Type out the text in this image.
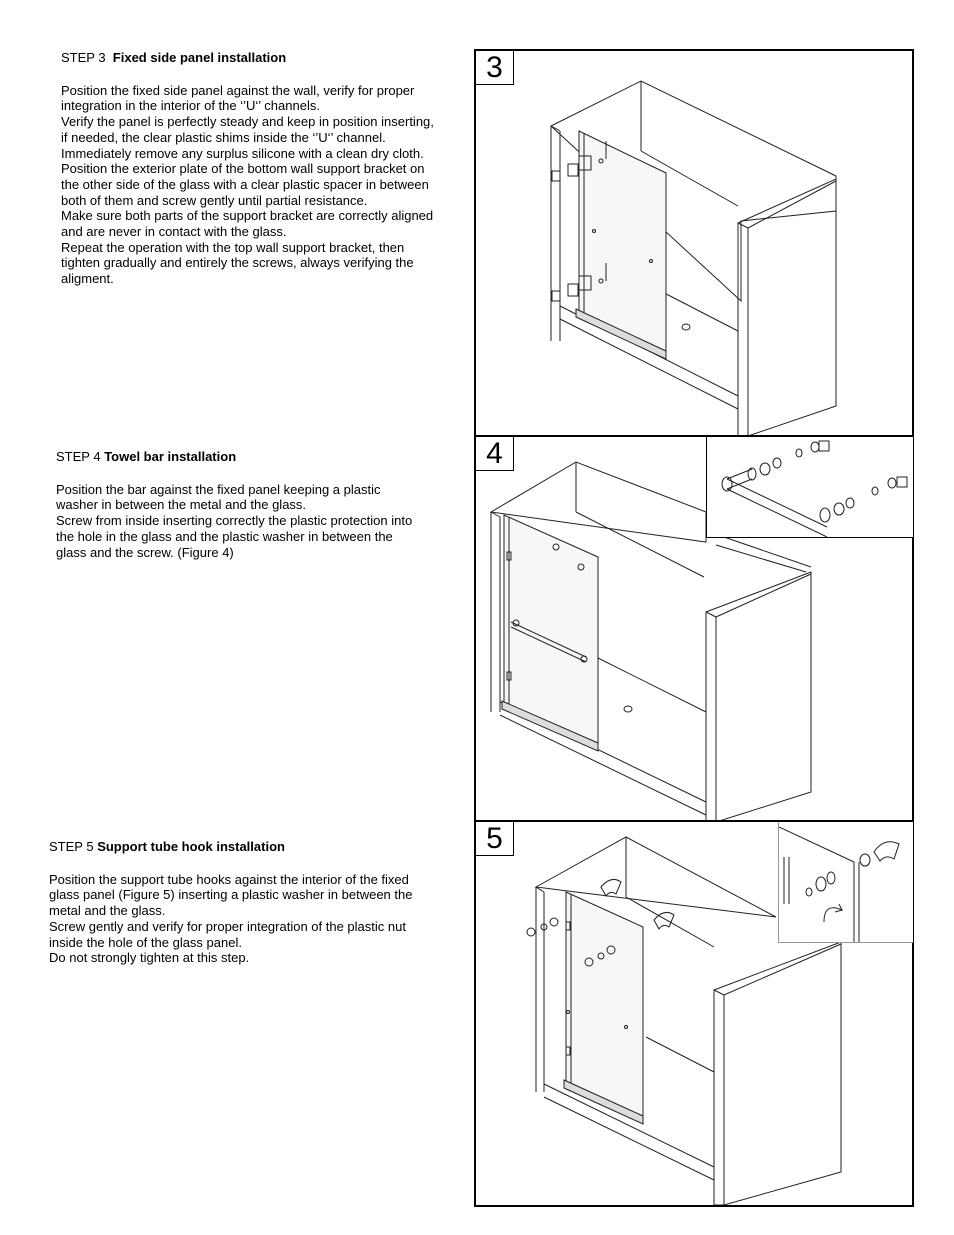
STEP 3 Fixed side panel installation

Position the fixed side panel against the wall, verify for proper
integration in the interior of the ‘’U‘’ channels.
Verify the panel is perfectly steady and keep in position inserting,
if needed, the clear plastic shims inside the ‘’U‘’ channel.
Immediately remove any surplus silicone with a clean dry cloth.
Position the exterior plate of the bottom wall support bracket on
the other side of the glass with a clear plastic spacer in between
both of them and screw gently until partial resistance.
Make sure both parts of the support bracket are correctly aligned
and are never in contact with the glass.
Repeat the operation with the top wall support bracket, then
tighten gradually and entirely the screws, always verifying the
aligment.

STEP 4 Towel bar installation

Position the bar against the fixed panel keeping a plastic
washer in between the metal and the glass.
Screw from inside inserting correctly the plastic protection into
the hole in the glass and the plastic washer in between the
glass and the screw. (Figure 4)

STEP 5 Support tube hook installation

Position the support tube hooks against the interior of the fixed
glass panel (Figure 5) inserting a plastic washer in between the
metal and the glass.
Screw gently and verify for proper integration of the plastic nut
inside the hole of the glass panel.
Do not strongly tighten at this step.

3
4
5
